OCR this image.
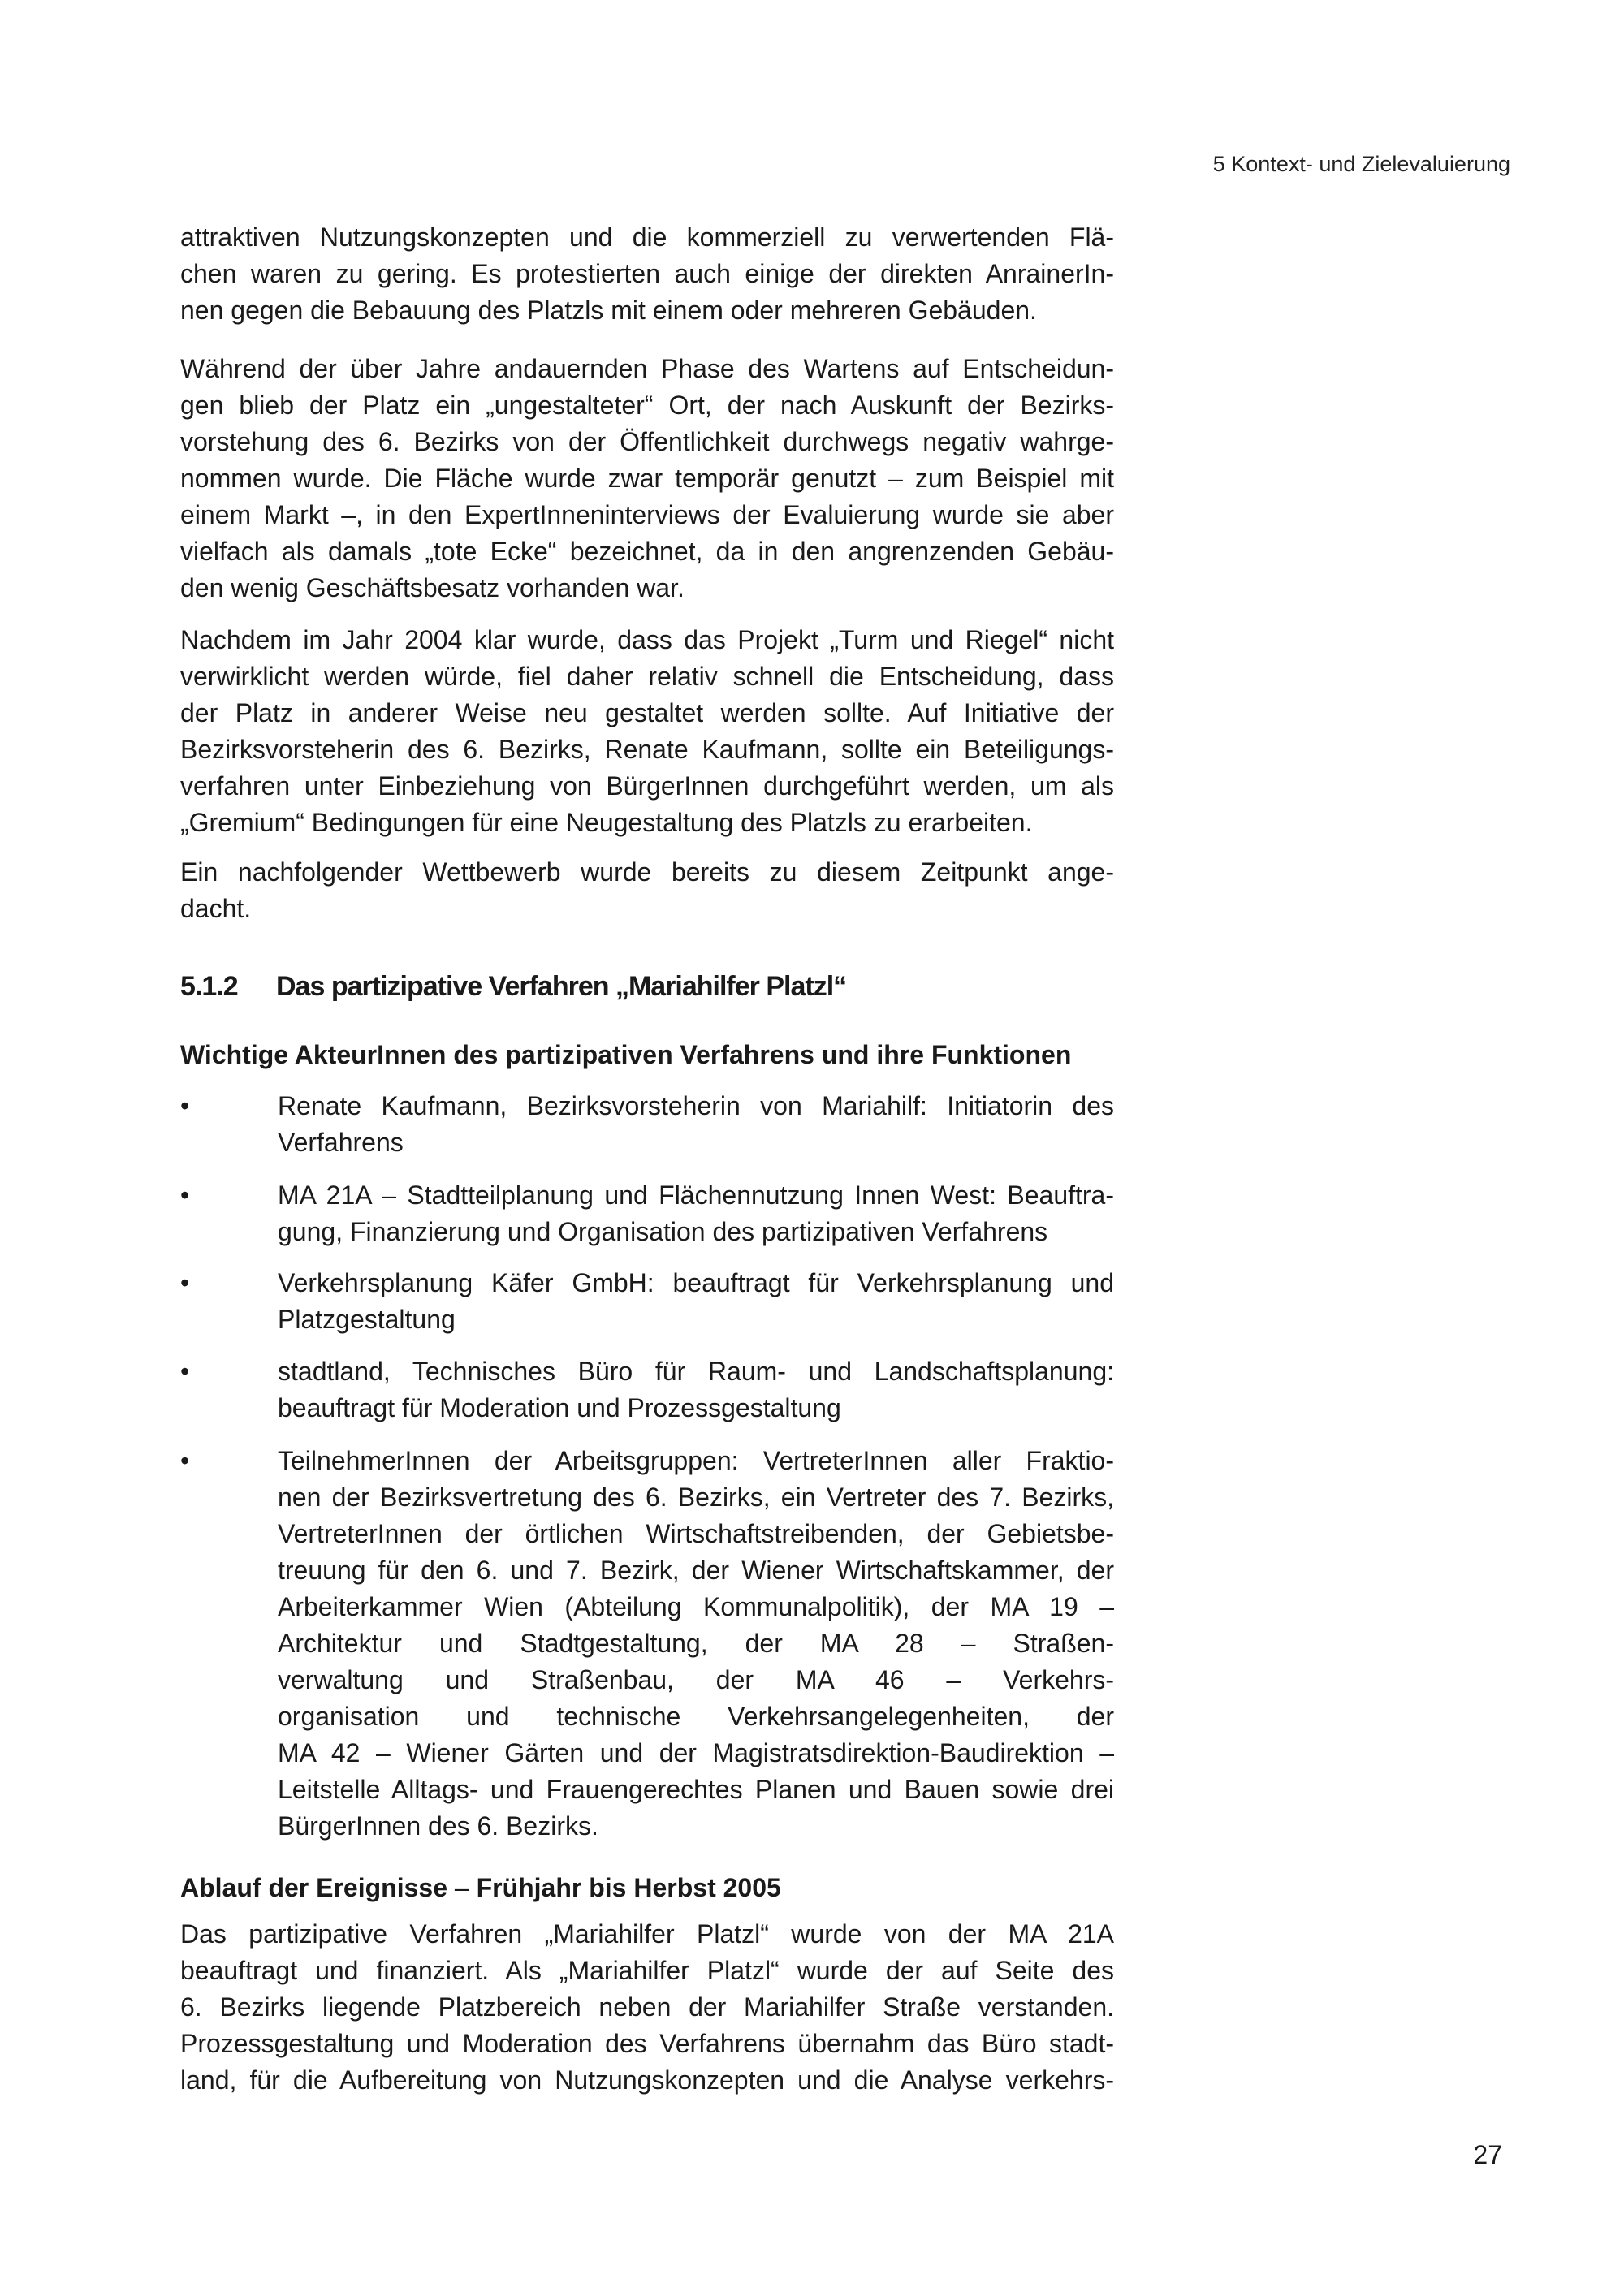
5 Kontext- und Zielevaluierung
attraktiven Nutzungskonzepten und die kommerziell zu verwertenden Flä-
chen waren zu gering. Es protestierten auch einige der direkten AnrainerIn-
nen gegen die Bebauung des Platzls mit einem oder mehreren Gebäuden.
Während der über Jahre andauernden Phase des Wartens auf Entscheidun-
gen blieb der Platz ein „ungestalteter“ Ort, der nach Auskunft der Bezirks-
vorstehung des 6. Bezirks von der Öffentlichkeit durchwegs negativ wahrge-
nommen wurde. Die Fläche wurde zwar temporär genutzt – zum Beispiel mit
einem Markt –, in den ExpertInneninterviews der Evaluierung wurde sie aber
vielfach als damals „tote Ecke“ bezeichnet, da in den angrenzenden Gebäu-
den wenig Geschäftsbesatz vorhanden war.
Nachdem im Jahr 2004 klar wurde, dass das Projekt „Turm und Riegel“ nicht
verwirklicht werden würde, fiel daher relativ schnell die Entscheidung, dass
der Platz in anderer Weise neu gestaltet werden sollte. Auf Initiative der
Bezirksvorsteherin des 6. Bezirks, Renate Kaufmann, sollte ein Beteiligungs-
verfahren unter Einbeziehung von BürgerInnen durchgeführt werden, um als
„Gremium“ Bedingungen für eine Neugestaltung des Platzls zu erarbeiten.
Ein nachfolgender Wettbewerb wurde bereits zu diesem Zeitpunkt ange-
dacht.
5.1.2 Das partizipative Verfahren „Mariahilfer Platzl“
Wichtige AkteurInnen des partizipativen Verfahrens und ihre Funktionen
•	Renate Kaufmann, Bezirksvorsteherin von Mariahilf: Initiatorin des
Verfahrens
•	MA 21A – Stadtteilplanung und Flächennutzung Innen West: Beauftra-
gung, Finanzierung und Organisation des partizipativen Verfahrens
•	Verkehrsplanung Käfer GmbH: beauftragt für Verkehrsplanung und
Platzgestaltung
•	stadtland, Technisches Büro für Raum- und Landschaftsplanung:
beauftragt für Moderation und Prozessgestaltung
•	TeilnehmerInnen der Arbeitsgruppen: VertreterInnen aller Fraktio-
nen der Bezirksvertretung des 6. Bezirks, ein Vertreter des 7. Bezirks,
VertreterInnen der örtlichen Wirtschaftstreibenden, der Gebietsbe-
treuung für den 6. und 7. Bezirk, der Wiener Wirtschaftskammer, der
Arbeiterkammer Wien (Abteilung Kommunalpolitik), der MA 19 –
Architektur und Stadtgestaltung, der MA 28 – Straßen-
verwaltung und Straßenbau, der MA 46 – Verkehrs-
organisation und technische Verkehrsangelegenheiten, der
MA 42 – Wiener Gärten und der Magistratsdirektion-Baudirektion –
Leitstelle Alltags- und Frauengerechtes Planen und Bauen sowie drei
BürgerInnen des 6. Bezirks.
Ablauf der Ereignisse – Frühjahr bis Herbst 2005
Das partizipative Verfahren „Mariahilfer Platzl“ wurde von der MA 21A
beauftragt und finanziert. Als „Mariahilfer Platzl“ wurde der auf Seite des
6. Bezirks liegende Platzbereich neben der Mariahilfer Straße verstanden.
Prozessgestaltung und Moderation des Verfahrens übernahm das Büro stadt-
land, für die Aufbereitung von Nutzungskonzepten und die Analyse verkehrs-
27
